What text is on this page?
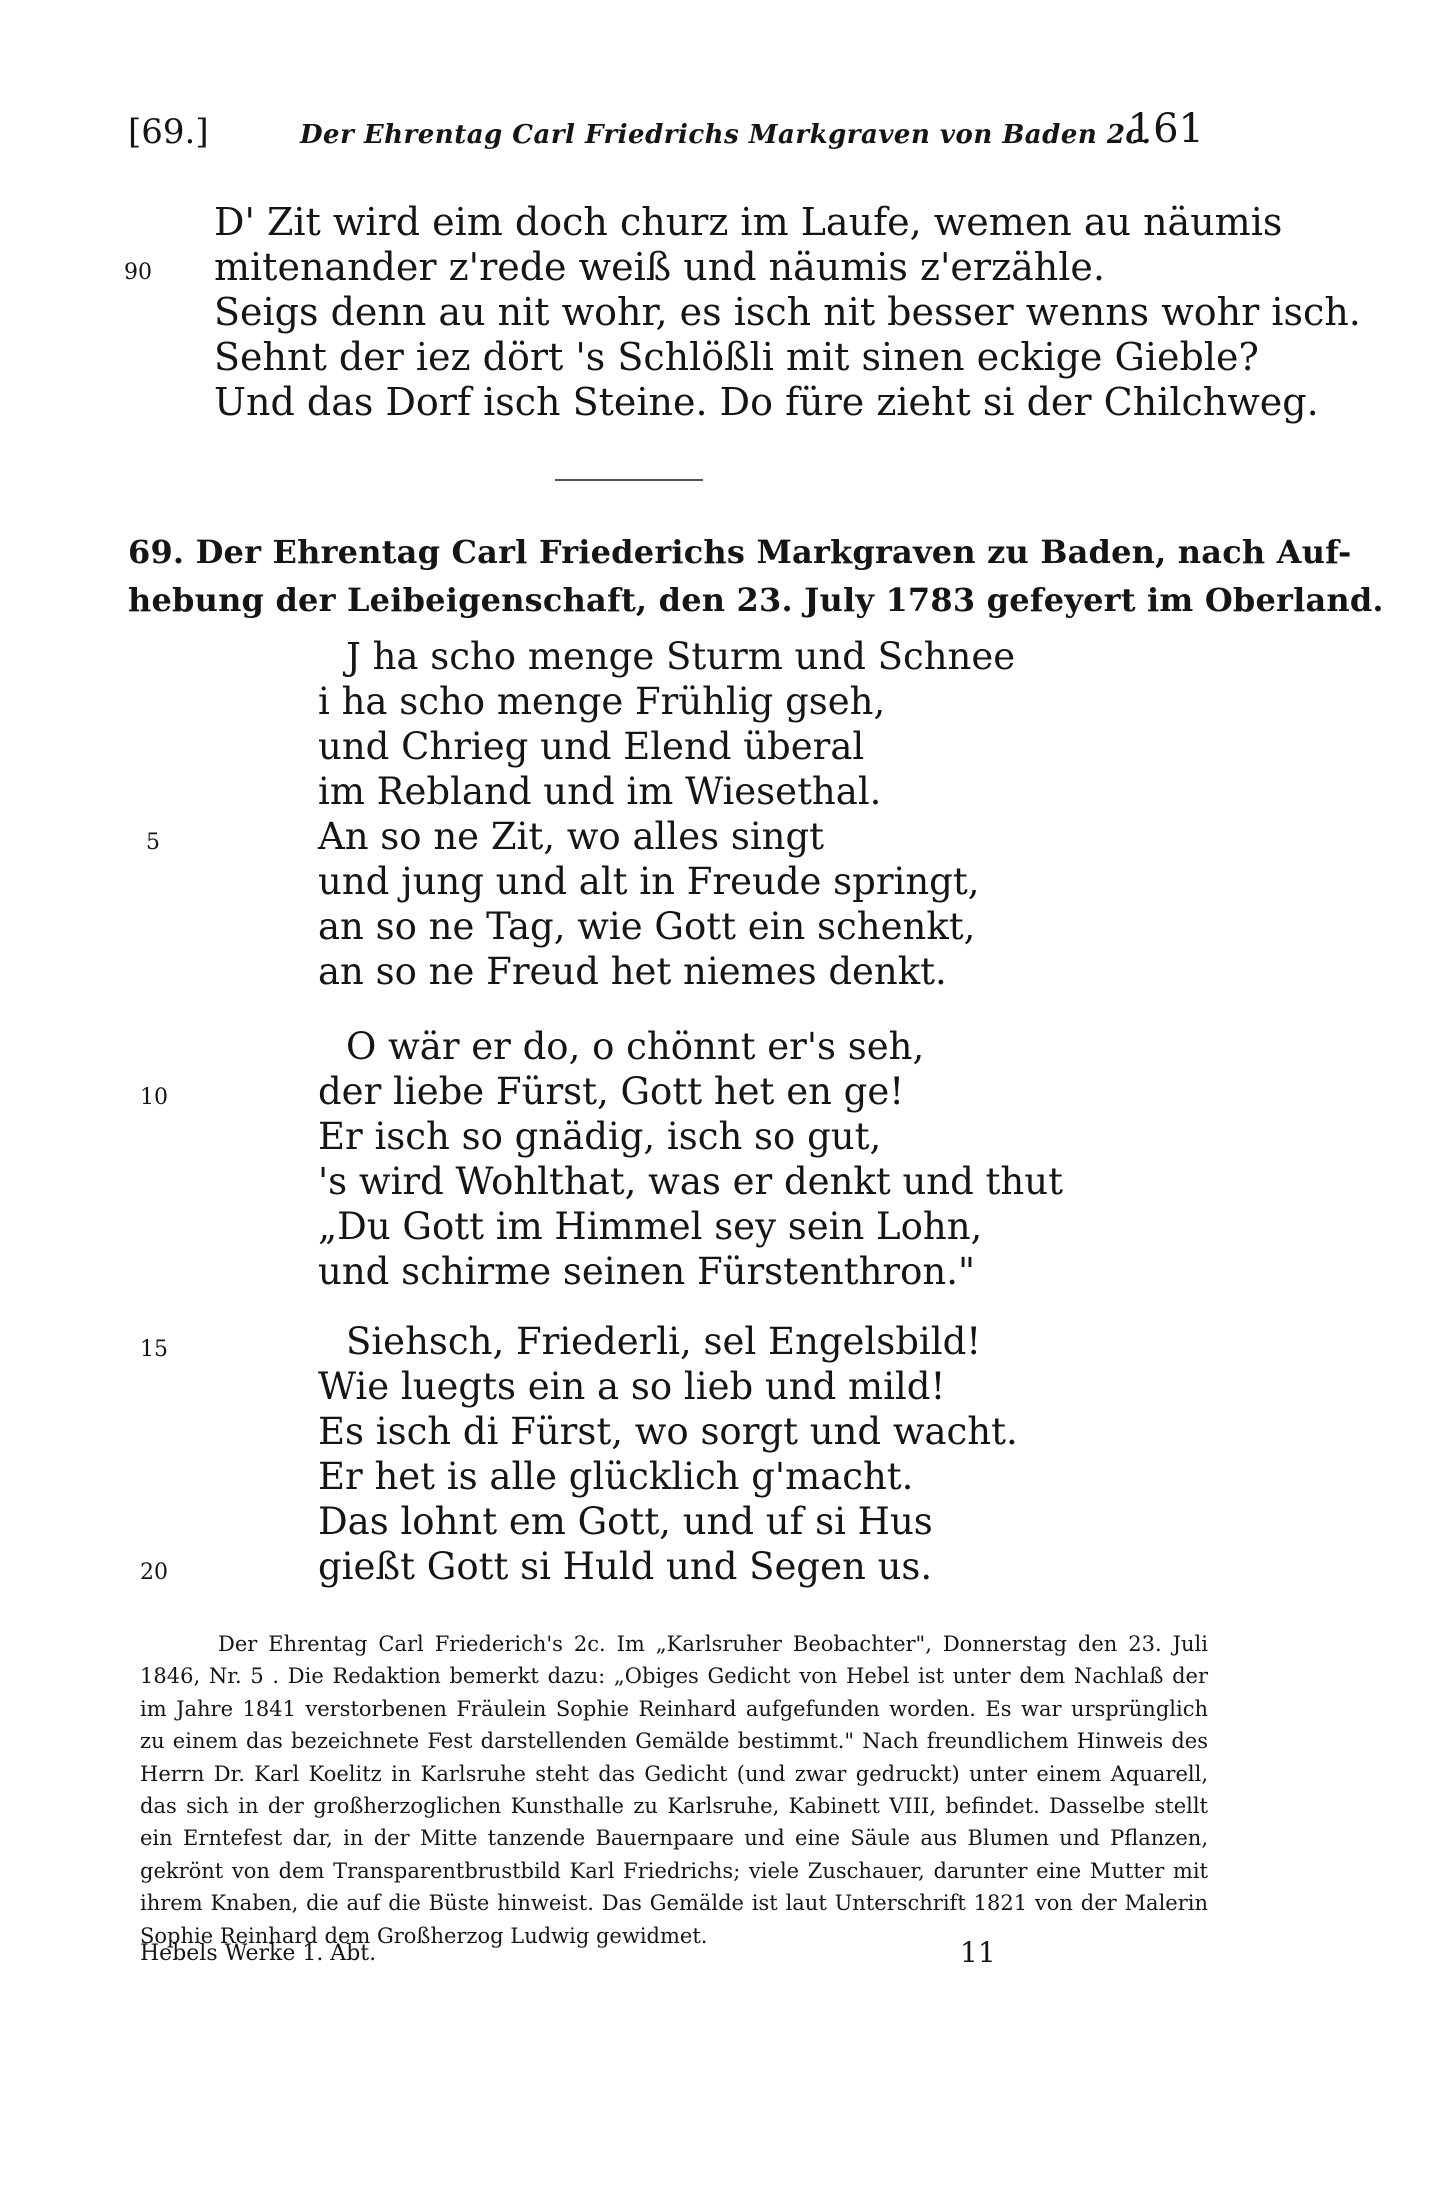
[69.]	Der Ehrentag Carl Friedrichs Markgraven von Baden 2c.
161
D' Zit wird eim doch churz im Laufe, wemen au näumis
90	mitenander z'rede weiß und näumis z'erzähle.
Seigs denn au nit wohr, es isch nit besser wenns wohr isch.
Sehnt der iez dört 's Schlößli mit sinen eckige Gieble?
Und das Dorf isch Steine. Do füre zieht si der Chilchweg.
69. Der Ehrentag Carl Friederichs Markgraven zu Baden, nach Auf-
hebung der Leibeigenschaft, den 23. July 1783 gefeyert im Oberland.
J ha scho menge Sturm und Schnee
i ha scho menge Frühlig gseh,
und Chrieg und Elend überal
im Rebland und im Wiesethal.
5	An so ne Zit, wo alles singt
und jung und alt in Freude springt,
an so ne Tag, wie Gott ein schenkt,
an so ne Freud het niemes denkt.
O wär er do, o chönnt er's seh,
10	der liebe Fürst, Gott het en ge!
Er isch so gnädig, isch so gut,
's wird Wohlthat, was er denkt und thut
„Du Gott im Himmel sey sein Lohn,
und schirme seinen Fürstenthron."
15	Siehsch, Friederli, sel Engelsbild!
Wie luegts ein a so lieb und mild!
Es isch di Fürst, wo sorgt und wacht.
Er het is alle glücklich g'macht.
Das lohnt em Gott, und uf si Hus
20	gießt Gott si Huld und Segen us.

Der Ehrentag Carl Friederich's 2c. Im „Karlsruher Beobachter", Donnerstag den 23. Juli 1846, Nr. 5 . Die Redaktion bemerkt dazu: „Obiges Gedicht von Hebel ist unter dem Nachlaß der im Jahre 1841 verstorbenen Fräulein Sophie Reinhard aufgefunden worden. Es war ursprünglich zu einem das bezeichnete Fest darstellenden Gemälde bestimmt." Nach freundlichem Hinweis des Herrn Dr. Karl Koelitz in Karlsruhe steht das Gedicht (und zwar gedruckt) unter einem Aquarell, das sich in der großherzoglichen Kunsthalle zu Karlsruhe, Kabinett VIII, befindet. Dasselbe stellt ein Erntefest dar, in der Mitte tanzende Bauernpaare und eine Säule aus Blumen und Pflanzen, gekrönt von dem Transparentbrustbild Karl Friedrichs; viele Zuschauer, darunter eine Mutter mit ihrem Knaben, die auf die Büste hinweist. Das Gemälde ist laut Unterschrift 1821 von der Malerin Sophie Reinhard dem Großherzog Ludwig gewidmet.

Hebels Werke 1. Abt.	11
